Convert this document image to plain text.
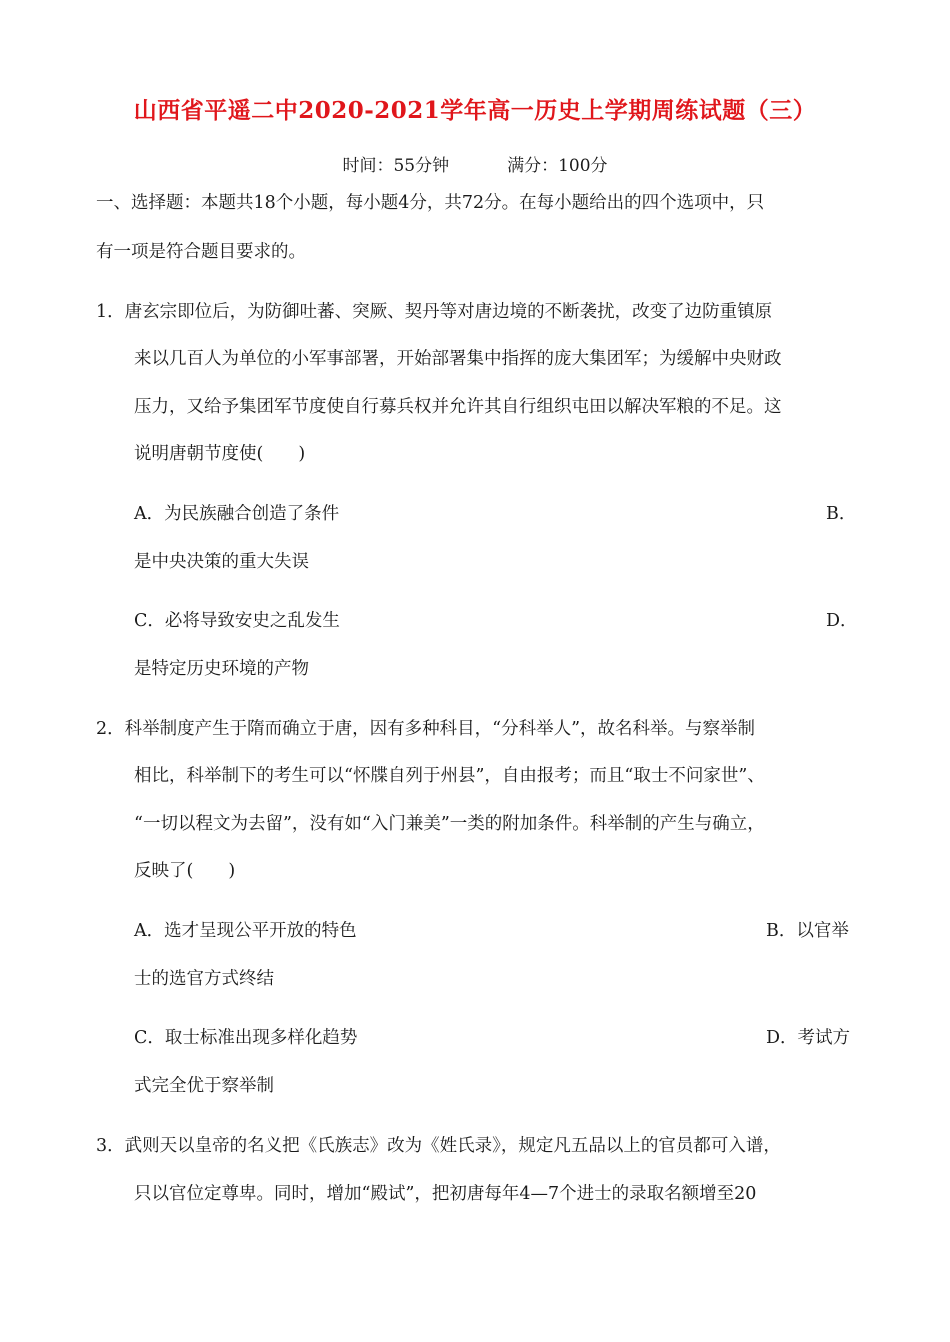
山西省平遥二中2020-2021学年高一历史上学期周练试题（三）
时间：55分钟	满分：100分
一、选择题：本题共18个小题，每小题4分，共72分。在每小题给出的四个选项中，只
有一项是符合题目要求的。
1．唐玄宗即位后，为防御吐蕃、突厥、契丹等对唐边境的不断袭扰，改变了边防重镇原
来以几百人为单位的小军事部署，开始部署集中指挥的庞大集团军；为缓解中央财政
压力，又给予集团军节度使自行募兵权并允许其自行组织屯田以解决军粮的不足。这
说明唐朝节度使(　　)
A．为民族融合创造了条件	B．
是中央决策的重大失误
C．必将导致安史之乱发生	D．
是特定历史环境的产物
2．科举制度产生于隋而确立于唐，因有多种科目，“分科举人”，故名科举。与察举制
相比，科举制下的考生可以“怀牒自列于州县”，自由报考；而且“取士不问家世”、
“一切以程文为去留”，没有如“入门兼美”一类的附加条件。科举制的产生与确立，
反映了(　　)
A．选才呈现公平开放的特色	B．以官举
士的选官方式终结
C．取士标准出现多样化趋势	D．考试方
式完全优于察举制
3．武则天以皇帝的名义把《氏族志》改为《姓氏录》，规定凡五品以上的官员都可入谱，
只以官位定尊卑。同时，增加“殿试”，把初唐每年4—7个进士的录取名额增至20
